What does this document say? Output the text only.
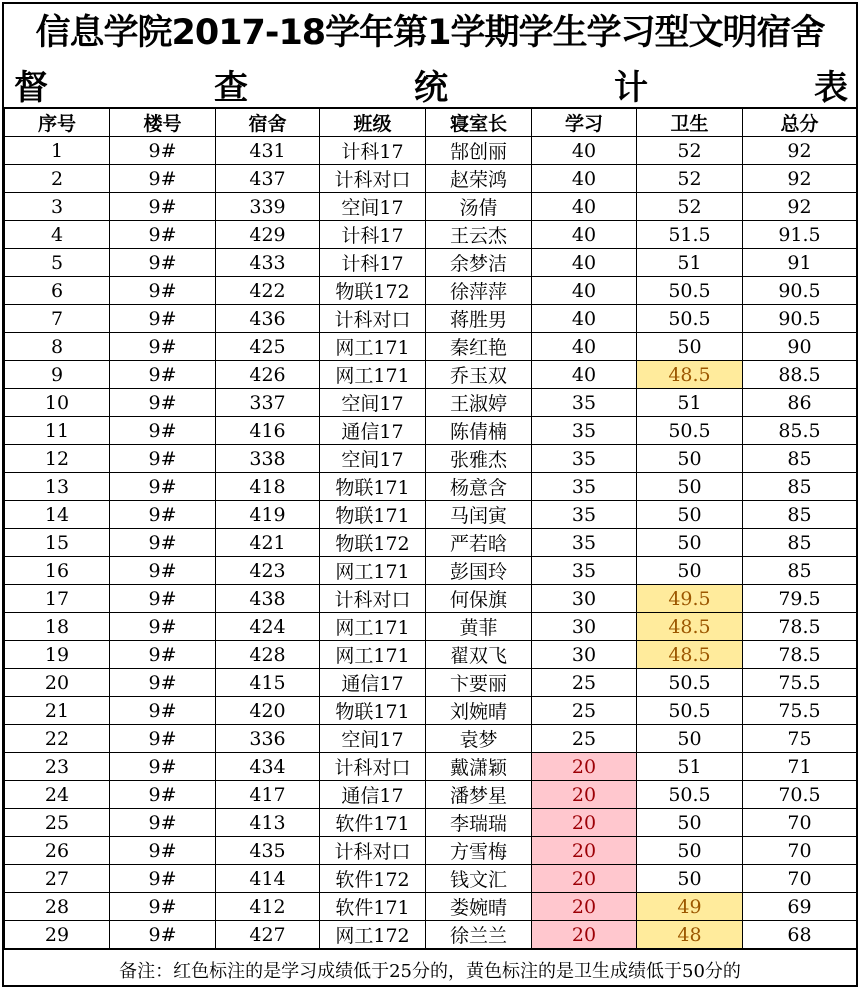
信息学院2017-18学年第1学期学生学习型文明宿舍
督	查	统	计	表
序号	楼号	宿舍	班级	寝室长	学习	卫生	总分
1	9#	431	计科17	郜创丽	40	52	92
2	9#	437	计科对口	赵荣鸿	40	52	92
3	9#	339	空间17	汤倩	40	52	92
4	9#	429	计科17	王云杰	40	51.5	91.5
5	9#	433	计科17	余梦洁	40	51	91
6	9#	422	物联172	徐萍萍	40	50.5	90.5
7	9#	436	计科对口	蒋胜男	40	50.5	90.5
8	9#	425	网工171	秦红艳	40	50	90
9	9#	426	网工171	乔玉双	40	48.5	88.5
10	9#	337	空间17	王淑婷	35	51	86
11	9#	416	通信17	陈倩楠	35	50.5	85.5
12	9#	338	空间17	张雅杰	35	50	85
13	9#	418	物联171	杨意含	35	50	85
14	9#	419	物联171	马闰寅	35	50	85
15	9#	421	物联172	严若晗	35	50	85
16	9#	423	网工171	彭国玲	35	50	85
17	9#	438	计科对口	何保旗	30	49.5	79.5
18	9#	424	网工171	黄菲	30	48.5	78.5
19	9#	428	网工171	翟双飞	30	48.5	78.5
20	9#	415	通信17	卞要丽	25	50.5	75.5
21	9#	420	物联171	刘婉晴	25	50.5	75.5
22	9#	336	空间17	袁梦	25	50	75
23	9#	434	计科对口	戴潇颖	20	51	71
24	9#	417	通信17	潘梦星	20	50.5	70.5
25	9#	413	软件171	李瑞瑞	20	50	70
26	9#	435	计科对口	方雪梅	20	50	70
27	9#	414	软件172	钱文汇	20	50	70
28	9#	412	软件171	娄婉晴	20	49	69
29	9#	427	网工172	徐兰兰	20	48	68
备注：红色标注的是学习成绩低于25分的，黄色标注的是卫生成绩低于50分的
